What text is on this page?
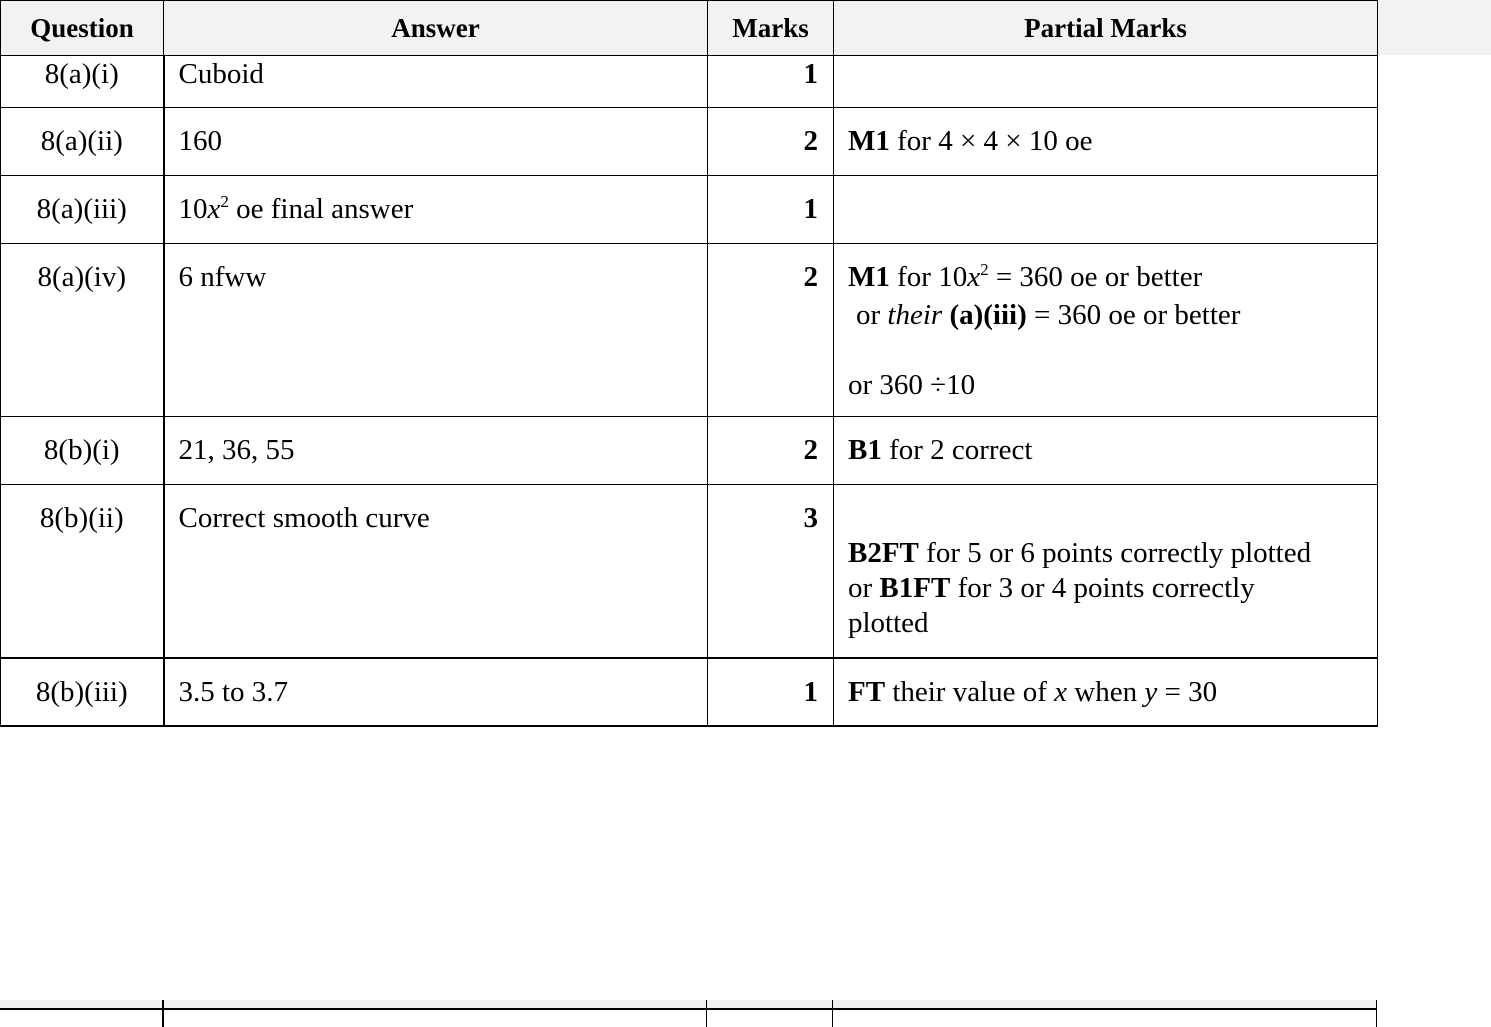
Question	Answer	Marks	Partial Marks
8(a)(i)	Cuboid	1	
8(a)(ii)	160	2	M1 for 4 × 4 × 10 oe
8(a)(iii)	$10x^2$ oe final answer	1	
8(a)(iv)	6 nfww	2	M1 for $10x^2 = 360$ oe or better
or their (a)(iii) = 360 oe or better
or 360 ÷10

8(b)(i)	21, 36, 55	2	B1 for 2 correct
8(b)(ii)	Correct smooth curve	3	B2FT for 5 or 6 points correctly plotted
or B1FT for 3 or 4 points correctly
plotted

8(b)(iii)	3.5 to 3.7	1	FT their value of x when y = 30
